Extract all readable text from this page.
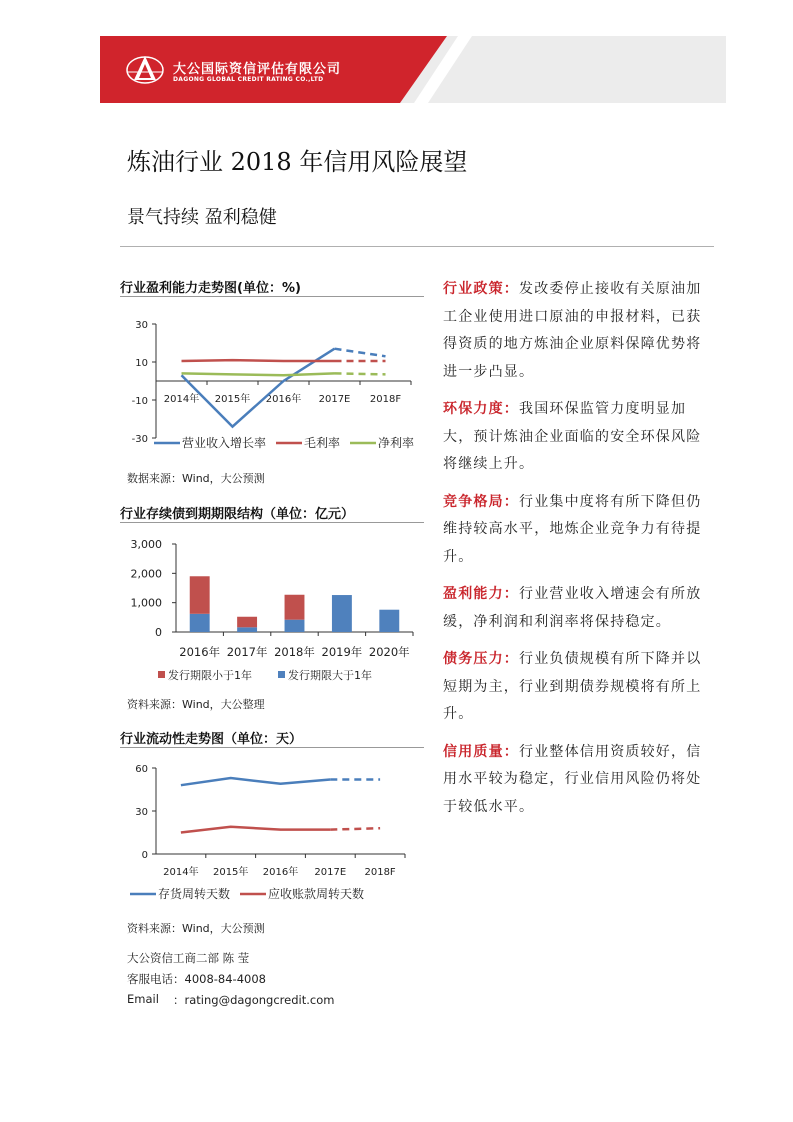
大公国际资信评估有限公司
DAGONG GLOBAL CREDIT RATING CO.,LTD
炼油行业 2018 年信用风险展望
景气持续 盈利稳健
行业盈利能力走势图(单位：%)
30
10
-10
-30
2014年 2015年 2016年 2017E 2018F
营业收入增长率	毛利率	净利率
数据来源：Wind，大公预测
行业存续债到期期限结构（单位：亿元）
3,000
2,000
1,000
0
2016年 2017年 2018年 2019年 2020年
发行期限小于1年	发行期限大于1年
资料来源：Wind，大公整理
行业流动性走势图（单位：天）
60
30
0
2014年 2015年 2016年 2017E 2018F
存货周转天数	应收账款周转天数
资料来源：Wind，大公预测
大公资信工商二部 陈 莹
客服电话：4008-84-4008
Email ：rating@dagongcredit.com

行业政策：发改委停止接收有关原油加工企业使用进口原油的申报材料，已获得资质的地方炼油企业原料保障优势将进一步凸显。

环保力度：我国环保监管力度明显加大，预计炼油企业面临的安全环保风险将继续上升。

竞争格局：行业集中度将有所下降但仍维持较高水平，地炼企业竞争力有待提升。

盈利能力：行业营业收入增速会有所放缓，净利润和利润率将保持稳定。

债务压力：行业负债规模有所下降并以短期为主，行业到期债券规模将有所上升。

信用质量：行业整体信用资质较好，信用水平较为稳定，行业信用风险仍将处于较低水平。
